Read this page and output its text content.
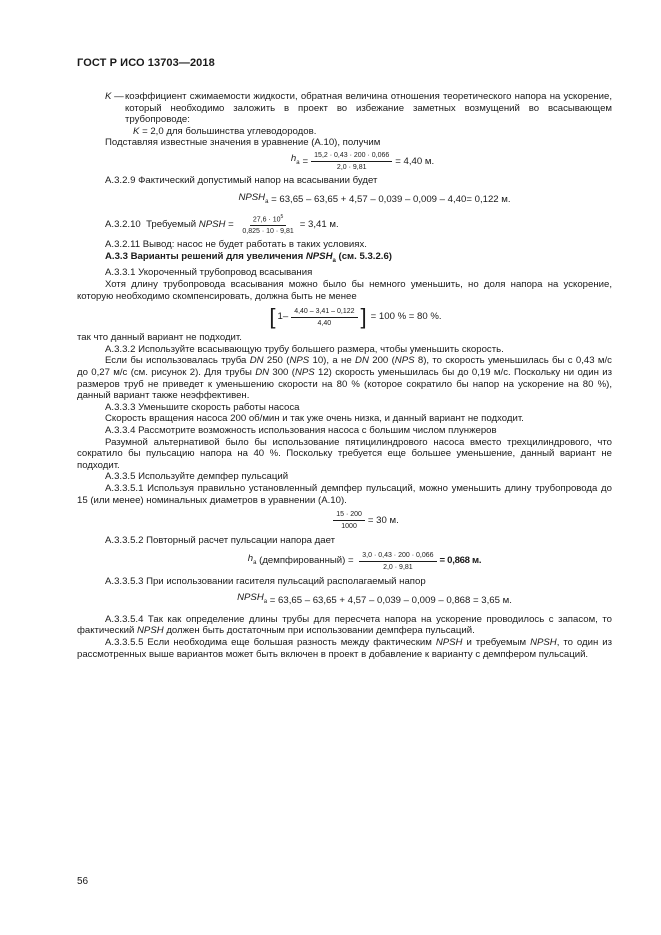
ГОСТ Р ИСО 13703—2018
K — коэффициент сжимаемости жидкости, обратная величина отношения теоретического напора на ускорение, который необходимо заложить в проект во избежание заметных возмущений во всасывающем трубопроводе:
K = 2,0 для большинства углеводородов.

Подставляя известные значения в уравнение (А.10), получим

$h_a = \frac{15,2 \cdot 0,43 \cdot 200 \cdot 0,066}{2,0 \cdot 9,81} = 4,40$ м.

А.3.2.9 Фактический допустимый напор на всасывании будет

$NPSH_a = 63,65 - 63,65 + 4,57 - 0,039 - 0,009 - 4,40= 0,122$ м.
А.3.2.10  Требуемый NPSH = $\frac{27,6 \cdot 10^5}{0,825 \cdot 10 \cdot 9,81} = 3,41$ м.

А.3.2.11 Вывод: насос не будет работать в таких условиях.

А.3.3 Варианты решений для увеличения $NPSH_a$ (см. 5.3.2.6)

А.3.3.1 Укороченный трубопровод всасывания

Хотя длину трубопровода всасывания можно было бы немного уменьшить, но доля напора на ускорение, которую необходимо скомпенсировать, должна быть не менее

[ $1- \frac{4,40 - 3,41 - 0,122}{4,40}$ ] = 100 % = 80 %.

так что данный вариант не подходит.

А.3.3.2 Используйте всасывающую трубу большего размера, чтобы уменьшить скорость.

Если бы использовалась труба DN 250 (NPS 10), а не DN 200 (NPS 8), то скорость уменьшилась бы с 0,43 м/с до 0,27 м/с (см. рисунок 2). Для трубы DN 300 (NPS 12) скорость уменьшилась бы до 0,19 м/с. Поскольку ни один из размеров труб не приведет к уменьшению скорости на 80 % (которое сократило бы напор на ускорение на 80 %), данный вариант также неэффективен.

А.3.3.3 Уменьшите скорость работы насоса

Скорость вращения насоса 200 об/мин и так уже очень низка, и данный вариант не подходит.

А.3.3.4 Рассмотрите возможность использования насоса с большим числом плунжеров

Разумной альтернативой было бы использование пятицилиндрового насоса вместо трехцилиндрового, что сократило бы пульсацию напора на 40 %. Поскольку требуется еще большее уменьшение, данный вариант не подходит.

А.3.3.5 Используйте демпфер пульсаций

А.3.3.5.1 Используя правильно установленный демпфер пульсаций, можно уменьшить длину трубопровода до 15 (или менее) номинальных диаметров в уравнении (А.10).

$\frac{15 \cdot 200}{1000} = 30$ м.

А.3.3.5.2 Повторный расчет пульсации напора дает

$h_a$ (демпфированный) = $\frac{3,0 \cdot 0,43 \cdot 200 \cdot 0,066}{2,0 \cdot 9,81} = 0,868$ м.

А.3.3.5.3 При использовании гасителя пульсаций располагаемый напор

$NPSH_a = 63,65 - 63,65 + 4,57 - 0,039 - 0,009 - 0,868 = 3,65$ м.

А.3.3.5.4 Так как определение длины трубы для пересчета напора на ускорение проводилось с запасом, то фактический NPSH должен быть достаточным при использовании демпфера пульсаций.

А.3.3.5.5 Если необходима еще большая разность между фактическим NPSH и требуемым NPSH, то один из рассмотренных выше вариантов может быть включен в проект в добавление к варианту с демпфером пульсаций.

56
